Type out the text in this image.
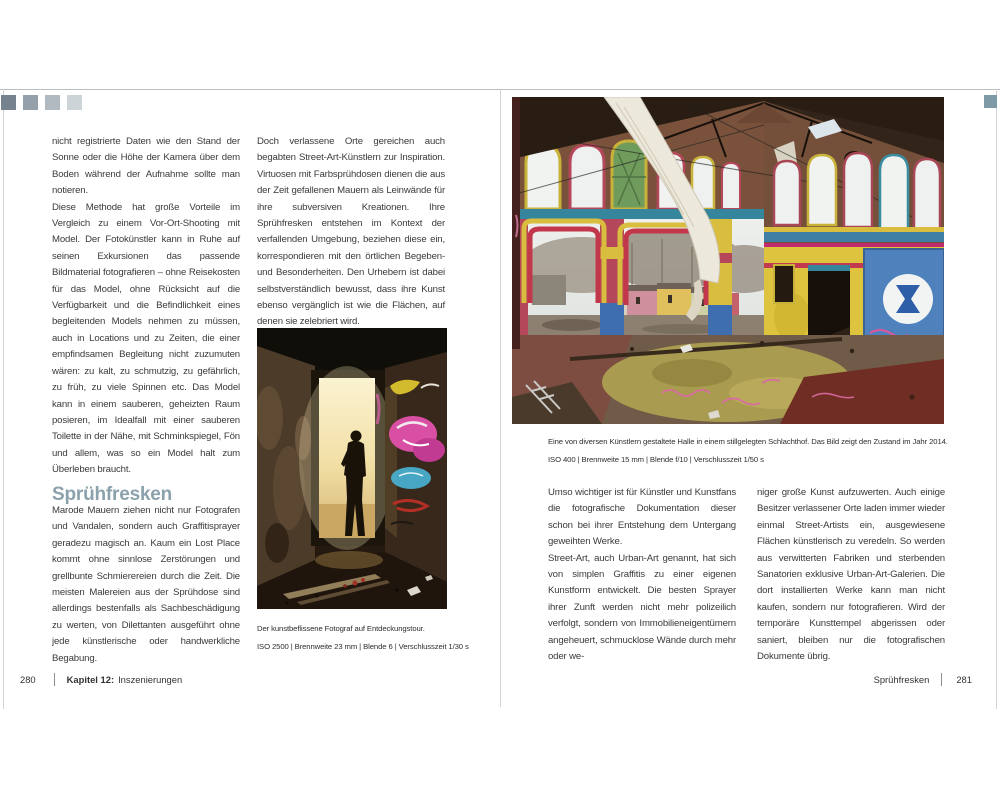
nicht registrierte Daten wie den Stand der Sonne oder die Höhe der Kamera über dem Boden während der Aufnahme sollte man notieren.

Diese Methode hat große Vorteile im Vergleich zu einem Vor-Ort-Shooting mit Model. Der Fotokünstler kann in Ruhe auf seinen Exkursionen das passende Bildmaterial fotografieren – ohne Reisekosten für das Model, ohne Rücksicht auf die Verfügbarkeit und die Befindlichkeit eines begleitenden Models nehmen zu müssen, auch in Locations und zu Zeiten, die einer empfindsamen Begleitung nicht zuzumuten wären: zu kalt, zu schmutzig, zu gefährlich, zu früh, zu viele Spinnen etc. Das Model kann in einem sauberen, geheizten Raum posieren, im Idealfall mit einer sauberen Toilette in der Nähe, mit Schminkspiegel, Fön und allem, was so ein Model halt zum Überleben braucht.

Sprühfresken

Marode Mauern ziehen nicht nur Fotografen und Vandalen, sondern auch Graffitisprayer geradezu magisch an. Kaum ein Lost Place kommt ohne sinnlose Zerstörungen und grellbunte Schmierereien durch die Zeit. Die meisten Malereien aus der Sprühdose sind allerdings bestenfalls als Sachbeschädigung zu werten, von Dilettanten ausgeführt ohne jede künstlerische oder handwerkliche Begabung.

Doch verlassene Orte gereichen auch begabten Street-Art-Künstlern zur Inspiration. Virtuosen mit Farbsprühdosen dienen die aus der Zeit gefallenen Mauern als Leinwände für ihre subversiven Kreationen. Ihre Sprühfresken entstehen im Kontext der verfallenden Umgebung, beziehen diese ein, korrespondieren mit den örtlichen Begeben- und Besonderheiten. Den Urhebern ist dabei selbstverständlich bewusst, dass ihre Kunst ebenso vergänglich ist wie die Flächen, auf denen sie zelebriert wird.

Der kunstbeflissene Fotograf auf Entdeckungstour.
ISO 2500 | Brennweite 23 mm | Blende 6 | Verschlusszeit 1/30 s
280	Kapitel 12: Inszenierungen
Eine von diversen Künstlern gestaltete Halle in einem stillgelegten Schlachthof. Das Bild zeigt den Zustand im Jahr 2014.
ISO 400 | Brennweite 15 mm | Blende f/10 | Verschlusszeit 1/50 s

Umso wichtiger ist für Künstler und Kunstfans die fotografische Dokumentation dieser schon bei ihrer Entstehung dem Untergang geweihten Werke.

Street-Art, auch Urban-Art genannt, hat sich von simplen Graffitis zu einer eigenen Kunstform entwickelt. Die besten Sprayer ihrer Zunft werden nicht mehr polizeilich verfolgt, sondern von Immobilieneigentümern angeheuert, schmucklose Wände durch mehr oder we-

niger große Kunst aufzuwerten. Auch einige Besitzer verlassener Orte laden immer wieder einmal Street-Artists ein, ausgewiesene Flächen künstlerisch zu veredeln. So werden aus verwitterten Fabriken und sterbenden Sanatorien exklusive Urban-Art-Galerien. Die dort installierten Werke kann man nicht kaufen, sondern nur fotografieren. Wird der temporäre Kunsttempel abgerissen oder saniert, bleiben nur die fotografischen Dokumente übrig.

Sprühfresken	281
